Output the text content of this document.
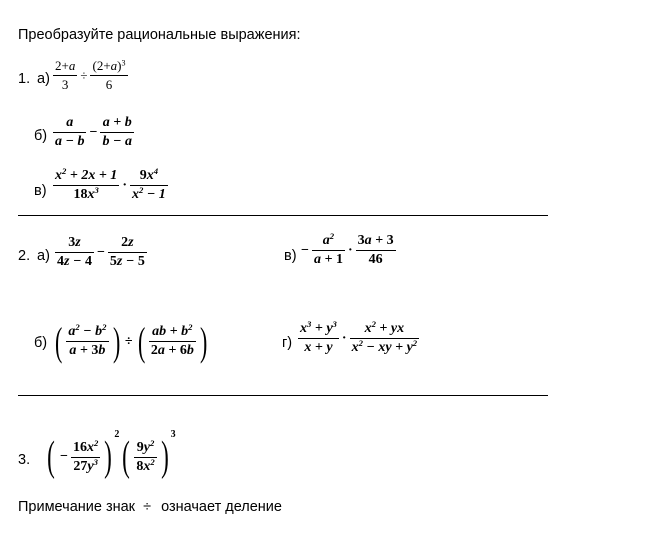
Преобразуйте рациональные выражения:
1. $а) \frac{2+a}{3} \div \frac{(2+a)^3}{6}$
$б) \frac{a}{a - b} - \frac{a + b}{b - a}$
$в) \frac{x^2 + 2x + 1}{18x^3} \cdot \frac{9x^4}{x^2 - 1}$
2. $а) \frac{3z}{4z - 4} - \frac{2z}{5z - 5}$	$в) - \frac{a^2}{a + 1} \cdot \frac{3a + 3}{46}$
б) ( $\frac{a^2 - b^2}{a + 3b}$ ) ÷ ( $\frac{ab + b^2}{2a + 6b}$ )	$г) \frac{x^3 + y^3}{x + y} \cdot \frac{x^2 + yx}{x^2 - xy + y^2}$
3. ( − $\frac{16x^2}{27y^3}$ ) $2( \frac{9y^2}{8x^2}$ ) 3
Примечание знак ÷ означает деление
